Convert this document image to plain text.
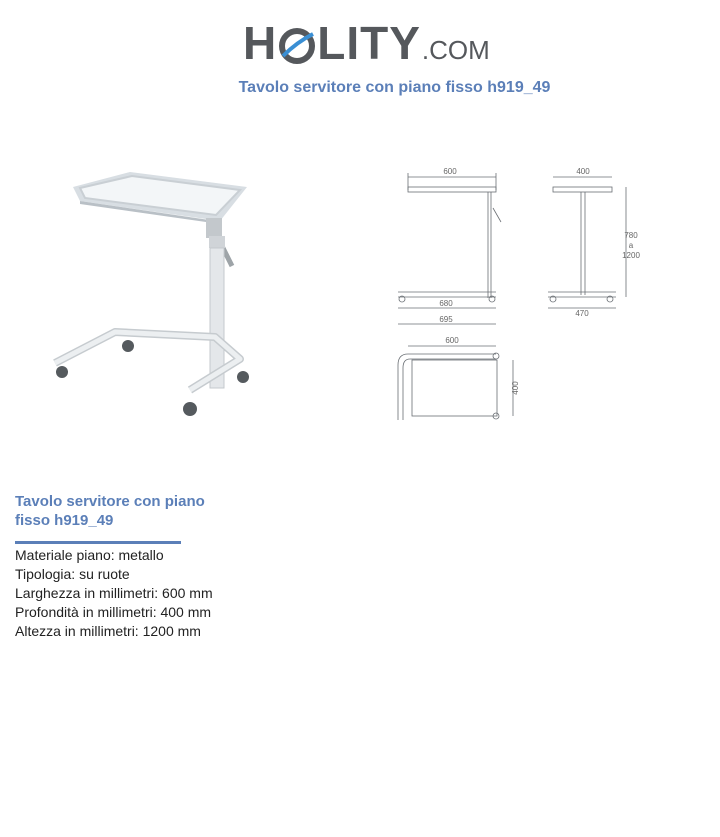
H LITY .COM
Tavolo servitore con piano fisso h919_49
600
680
695
400
780
a
1200
470
600
400
Tavolo servitore con piano fisso h919_49
Materiale piano: metallo
Tipologia: su ruote
Larghezza in millimetri: 600 mm
Profondità in millimetri: 400 mm
Altezza in millimetri: 1200 mm
